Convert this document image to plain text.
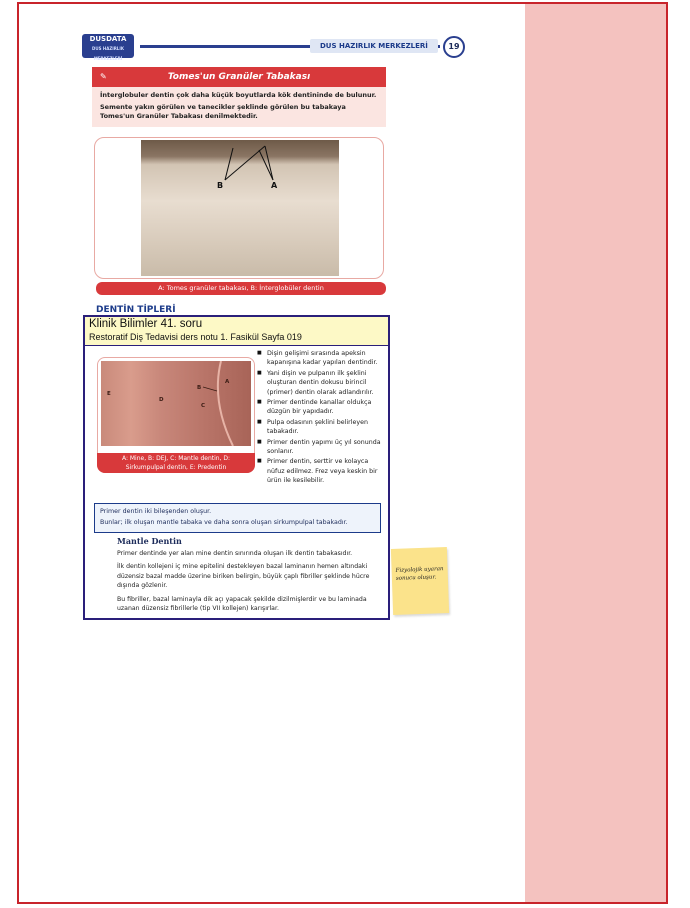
DUSDATA
DUS HAZIRLIK MERKEZLERİ
DUS HAZIRLIK MERKEZLERİ	19
✎	Tomes'un Granüler Tabakası

İnterglobuler dentin çok daha küçük boyutlarda kök dentininde de bulunur.

Semente yakın görülen ve tanecikler şeklinde görülen bu tabakaya Tomes'un Granüler Tabakası denilmektedir.

B	A
A: Tomes granüler tabakası, B: İnterglobüler dentin
DENTİN TİPLERİ
Klinik Bilimler 41. soru
Restoratif Diş Tedavisi ders notu 1. Fasikül Sayfa 019
A
B
C
D
E
A: Mine, B: DEJ, C: Mantle dentin, D:
Sirkumpulpal dentin, E: Predentin
■ Dişin gelişimi sırasında apeksin kapanışına kadar yapılan dentindir.
■ Yani dişin ve pulpanın ilk şeklini oluşturan dentin dokusu birincil (primer) dentin olarak adlandırılır.
■ Primer dentinde kanallar oldukça düzgün bir yapıdadır.
■ Pulpa odasının şeklini belirleyen tabakadır.
■ Primer dentin yapımı üç yıl sonunda sonlanır.
■ Primer dentin, serttir ve kolayca nüfuz edilmez. Frez veya keskin bir ürün ile kesilebilir.
Primer dentin iki bileşenden oluşur.
Bunlar; ilk oluşan mantle tabaka ve daha sonra oluşan sirkumpulpal tabakadır.
Mantle Dentin

Primer dentinde yer alan mine dentin sınırında oluşan ilk dentin tabakasıdır.

İlk dentin kollejeni iç mine epitelini destekleyen bazal laminanın hemen altındaki düzensiz bazal madde üzerine biriken belirgin, büyük çaplı fibriller şeklinde hücre dışında gözlenir.

Bu fibriller, bazal laminayla dik açı yapacak şekilde dizilmişlerdir ve bu laminada uzanan düzensiz fibrillerle (tip VII kollejen) karışırlar.

Fizyolojik uyaran sonucu oluşur.
